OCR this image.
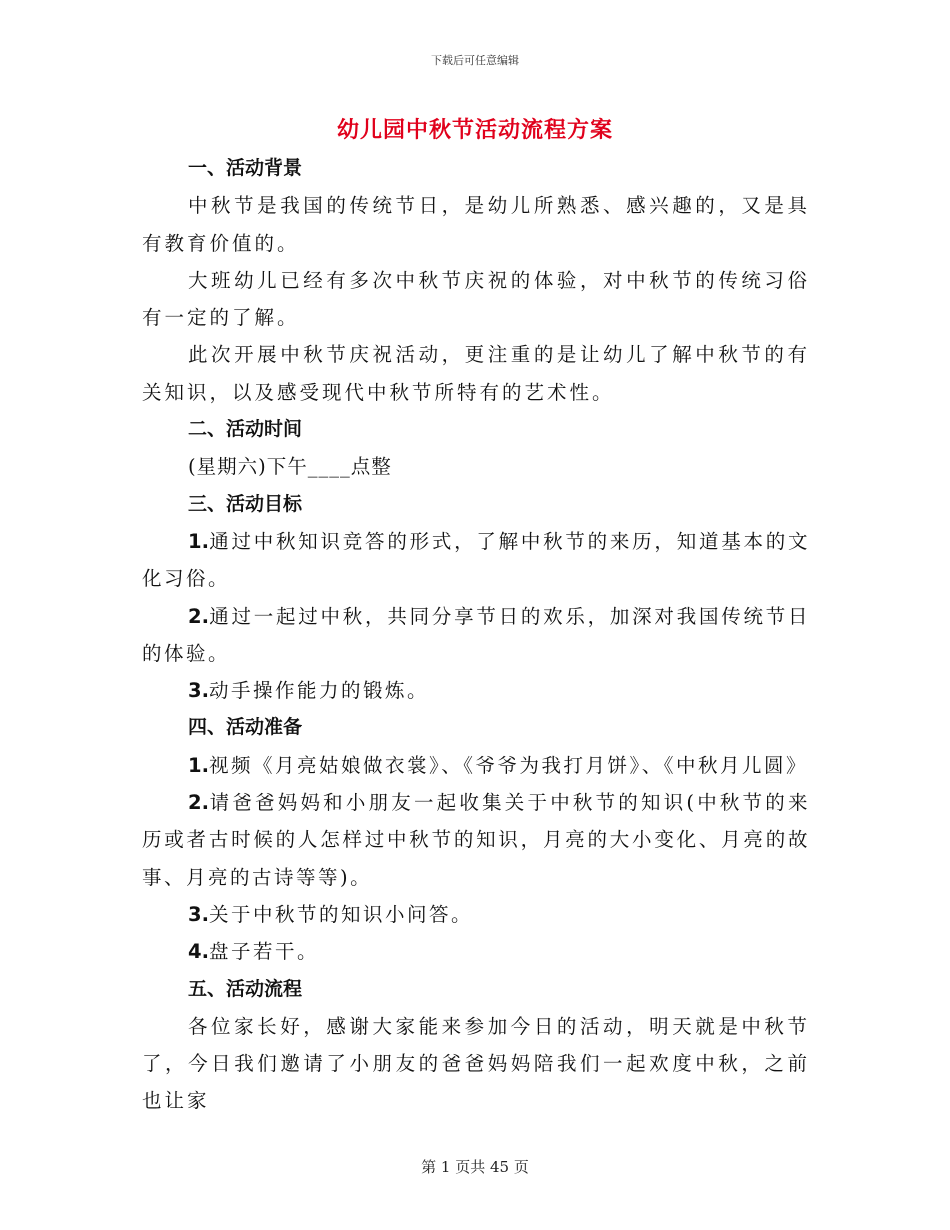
下载后可任意编辑
幼儿园中秋节活动流程方案

一、活动背景

中秋节是我国的传统节日，是幼儿所熟悉、感兴趣的，又是具有教育价值的。

大班幼儿已经有多次中秋节庆祝的体验，对中秋节的传统习俗有一定的了解。

此次开展中秋节庆祝活动，更注重的是让幼儿了解中秋节的有关知识，以及感受现代中秋节所特有的艺术性。

二、活动时间

(星期六)下午____点整

三、活动目标

1.通过中秋知识竞答的形式，了解中秋节的来历，知道基本的文化习俗。

2.通过一起过中秋，共同分享节日的欢乐，加深对我国传统节日的体验。

3.动手操作能力的锻炼。

四、活动准备

1.视频《月亮姑娘做衣裳》、《爷爷为我打月饼》、《中秋月儿圆》

2.请爸爸妈妈和小朋友一起收集关于中秋节的知识(中秋节的来历或者古时候的人怎样过中秋节的知识，月亮的大小变化、月亮的故事、月亮的古诗等等)。

3.关于中秋节的知识小问答。

4.盘子若干。

五、活动流程

各位家长好，感谢大家能来参加今日的活动，明天就是中秋节了，今日我们邀请了小朋友的爸爸妈妈陪我们一起欢度中秋，之前也让家

第 1 页共 45 页
